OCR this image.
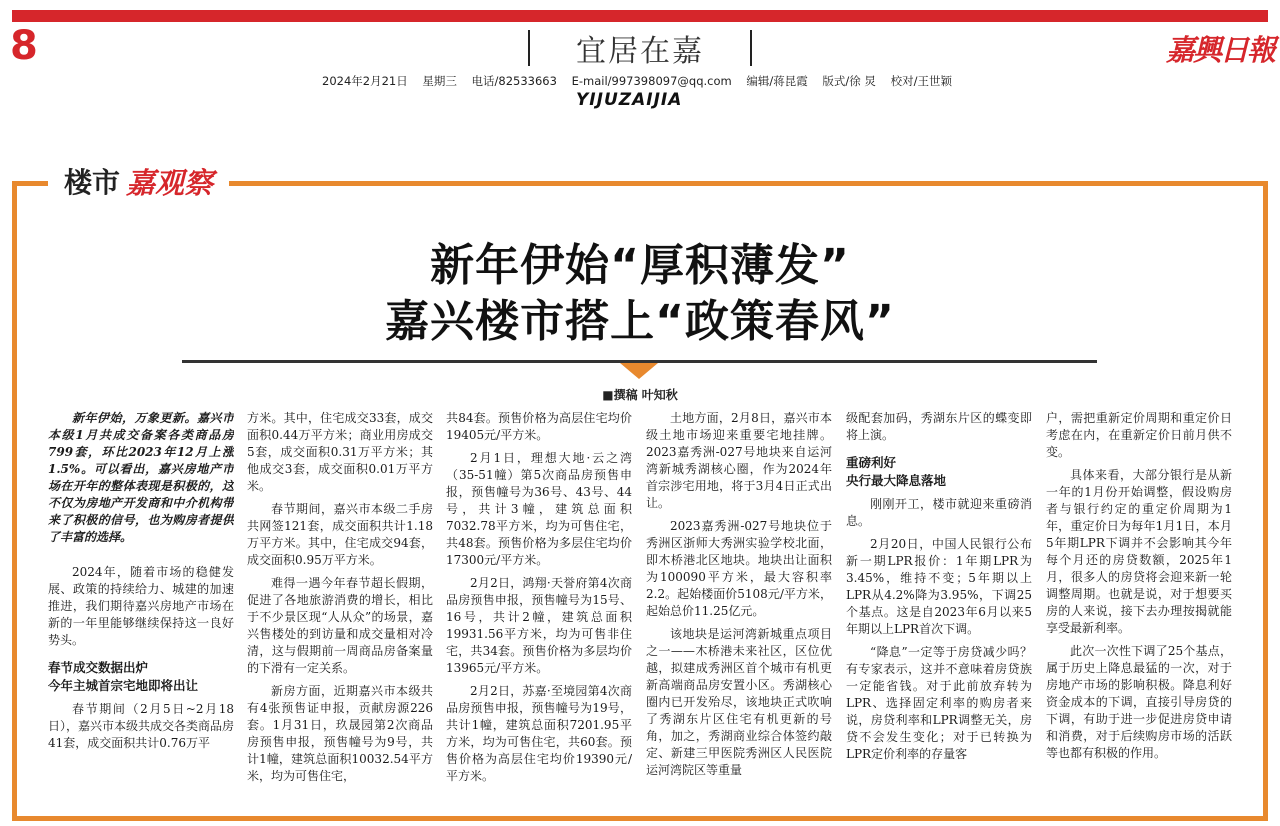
8	宜居在嘉
YIJUZAIJIA
嘉興日報
2024年2月21日 星期三 电话/82533663 E-mail/997398097@qq.com 编辑/蒋昆霞 版式/徐 炅 校对/王世颖
楼市 嘉观察
新年伊始“厚积薄发”
嘉兴楼市搭上“政策春风”
■撰稿 叶知秋

新年伊始，万象更新。嘉兴市本级1月共成交备案各类商品房799套，环比2023年12月上涨1.5%。可以看出，嘉兴房地产市场在开年的整体表现是积极的，这不仅为房地产开发商和中介机构带来了积极的信号，也为购房者提供了丰富的选择。

2024年，随着市场的稳健发展、政策的持续给力、城建的加速推进，我们期待嘉兴房地产市场在新的一年里能够继续保持这一良好势头。

春节成交数据出炉
今年主城首宗宅地即将出让

春节期间（2月5日~2月18日），嘉兴市本级共成交各类商品房41套，成交面积共计0.76万平

方米。其中，住宅成交33套，成交面积0.44万平方米；商业用房成交5套，成交面积0.31万平方米；其他成交3套，成交面积0.01万平方米。

春节期间，嘉兴市本级二手房共网签121套，成交面积共计1.18万平方米。其中，住宅成交94套，成交面积0.95万平方米。

难得一遇今年春节超长假期，促进了各地旅游消费的增长，相比于不少景区现“人从众”的场景，嘉兴售楼处的到访量和成交量相对冷清，这与假期前一周商品房备案量的下滑有一定关系。

新房方面，近期嘉兴市本级共有4张预售证申报，贡献房源226套。1月31日，玖晟园第2次商品房预售申报，预售幢号为9号，共计1幢，建筑总面积10032.54平方米，均为可售住宅，

共84套。预售价格为高层住宅均价19405元/平方米。

2月1日，理想大地·云之湾（35-51幢）第5次商品房预售申报，预售幢号为36号、43号、44号，共计3幢，建筑总面积7032.78平方米，均为可售住宅，共48套。预售价格为多层住宅均价17300元/平方米。

2月2日，鸿翔·天誉府第4次商品房预售申报，预售幢号为15号、16号，共计2幢，建筑总面积19931.56平方米，均为可售非住宅，共34套。预售价格为多层均价13965元/平方米。

2月2日，苏嘉·至境园第4次商品房预售申报，预售幢号为19号，共计1幢，建筑总面积7201.95平方米，均为可售住宅，共60套。预售价格为高层住宅均价19390元/平方米。

土地方面，2月8日，嘉兴市本级土地市场迎来重要宅地挂牌。2023嘉秀洲-027号地块来自运河湾新城秀湖核心圈，作为2024年首宗涉宅用地，将于3月4日正式出让。

2023嘉秀洲-027号地块位于秀洲区浙师大秀洲实验学校北面，即木桥港北区地块。地块出让面积为100090平方米，最大容积率2.2。起始楼面价5108元/平方米，起始总价11.25亿元。

该地块是运河湾新城重点项目之一——木桥港未来社区，区位优越，拟建成秀洲区首个城市有机更新高端商品房安置小区。秀湖核心圈内已开发殆尽，该地块正式吹响了秀湖东片区住宅有机更新的号角，加之，秀湖商业综合体签约敲定、新建三甲医院秀洲区人民医院运河湾院区等重量

级配套加码，秀湖东片区的蝶变即将上演。

重磅利好
央行最大降息落地

刚刚开工，楼市就迎来重磅消息。

2月20日，中国人民银行公布新一期LPR报价：1年期LPR为3.45%，维持不变；5年期以上LPR从4.2%降为3.95%，下调25个基点。这是自2023年6月以来5年期以上LPR首次下调。

“降息”一定等于房贷减少吗？有专家表示，这并不意味着房贷族一定能省钱。对于此前放弃转为LPR、选择固定利率的购房者来说，房贷利率和LPR调整无关，房贷不会发生变化；对于已转换为LPR定价利率的存量客

户，需把重新定价周期和重定价日考虑在内，在重新定价日前月供不变。

具体来看，大部分银行是从新一年的1月份开始调整，假设购房者与银行约定的重定价周期为1年，重定价日为每年1月1日，本月5年期LPR下调并不会影响其今年每个月还的房贷数额，2025年1月，很多人的房贷将会迎来新一轮调整周期。也就是说，对于想要买房的人来说，接下去办理按揭就能享受最新利率。

此次一次性下调了25个基点，属于历史上降息最猛的一次，对于房地产市场的影响积极。降息利好资金成本的下调，直接引导房贷的下调，有助于进一步促进房贷申请和消费，对于后续购房市场的活跃等也都有积极的作用。
